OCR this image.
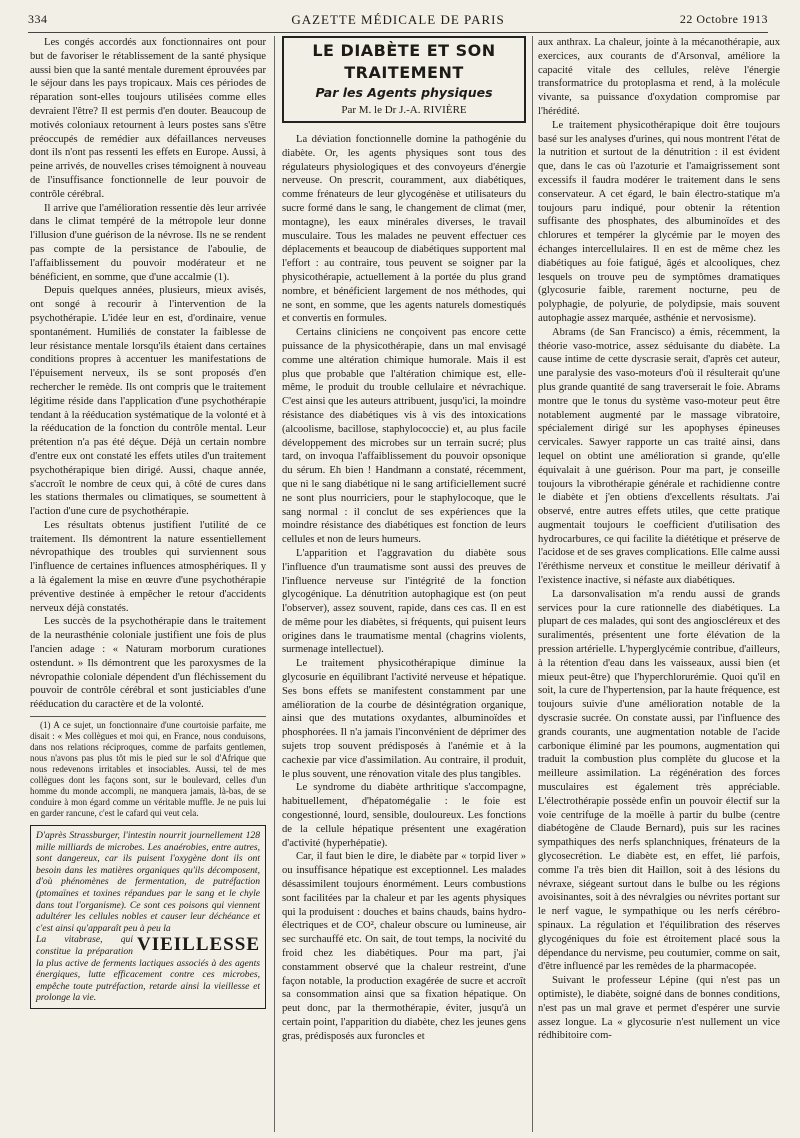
334	GAZETTE MÉDICALE DE PARIS	22 Octobre 1913

Les congés accordés aux fonctionnaires ont pour but de favoriser le rétablissement de la santé physique aussi bien que la santé mentale durement éprouvées par le séjour dans les pays tropicaux. Mais ces périodes de réparation sont-elles toujours utilisées comme elles devraient l'être? Il est permis d'en douter. Beaucoup de motivés coloniaux retournent à leurs postes sans s'être préoccupés de remédier aux défaillances nerveuses dont ils n'ont pas ressenti les effets en Europe. Aussi, à peine arrivés, de nouvelles crises témoignent à nouveau de l'insuffisance fonctionnelle de leur pouvoir de contrôle cérébral.

Il arrive que l'amélioration ressentie dès leur arrivée dans le climat tempéré de la métropole leur donne l'illusion d'une guérison de la névrose. Ils ne se rendent pas compte de la persistance de l'aboulie, de l'affaiblissement du pouvoir modérateur et ne bénéficient, en somme, que d'une accalmie (1).

Depuis quelques années, plusieurs, mieux avisés, ont songé à recourir à l'intervention de la psychothérapie. L'idée leur en est, d'ordinaire, venue spontanément. Humiliés de constater la faiblesse de leur résistance mentale lorsqu'ils étaient dans certaines conditions propres à accentuer les manifestations de l'épuisement nerveux, ils se sont proposés d'en rechercher le remède. Ils ont compris que le traitement légitime réside dans l'application d'une psychothérapie tendant à la rééducation systématique de la volonté et à la rééducation de la fonction du contrôle mental. Leur prétention n'a pas été déçue. Déjà un certain nombre d'entre eux ont constaté les effets utiles d'un traitement psychothérapique bien dirigé. Aussi, chaque année, s'accroît le nombre de ceux qui, à côté de cures dans les stations thermales ou climatiques, se soumettent à l'action d'une cure de psychothérapie.

Les résultats obtenus justifient l'utilité de ce traitement. Ils démontrent la nature essentiellement névropathique des troubles qui surviennent sous l'influence de certaines influences atmosphériques. Il y a là également la mise en œuvre d'une psychothérapie préventive destinée à empêcher le retour d'accidents nerveux déjà constatés.

Les succès de la psychothérapie dans le traitement de la neurasthénie coloniale justifient une fois de plus l'ancien adage : « Naturam morborum curationes ostendunt. » Ils démontrent que les paroxysmes de la névropathie coloniale dépendent d'un fléchissement du pouvoir de contrôle cérébral et sont justiciables d'une rééducation du caractère et de la volonté.

(1) A ce sujet, un fonctionnaire d'une courtoisie parfaite, me disait : « Mes collègues et moi qui, en France, nous conduisons, dans nos relations réciproques, comme de parfaits gentlemen, nous n'avons pas plus tôt mis le pied sur le sol d'Afrique que nous redevenons irritables et insociables. Aussi, tel de mes collègues dont les façons sont, sur le boulevard, celles d'un homme du monde accompli, ne manquera jamais, là-bas, de se conduire à mon égard comme un véritable muffle. Je ne puis lui en garder rancune, c'est le cafard qui veut cela.

D'après Strassburger, l'intestin nourrit journellement 128 mille milliards de microbes. Les anaérobies, entre autres, sont dangereux, car ils puisent l'oxygène dont ils ont besoin dans les matières organiques qu'ils décomposent, d'où phénomènes de fermentation, de putréfaction (ptomaïnes et toxines répandues par le sang et le chyle dans tout l'organisme). Ce sont ces poisons qui viennent adultérer les cellules nobles et causer leur déchéance et c'est ainsi qu'apparaît peu à peu la
VIEILLESSE

La vitabrase, qui constitue la préparation la plus active de ferments lactiques associés à des agents énergiques, lutte efficacement contre ces microbes, empêche toute putréfaction, retarde ainsi la vieillesse et prolonge la vie.

LE DIABÈTE ET SON TRAITEMENT
Par les Agents physiques
Par M. le Dr J.-A. RIVIÈRE

La déviation fonctionnelle domine la pathogénie du diabète. Or, les agents physiques sont tous des régulateurs physiologiques et des convoyeurs d'énergie nerveuse. On prescrit, couramment, aux diabétiques, comme frénateurs de leur glycogénèse et utilisateurs du sucre formé dans le sang, le changement de climat (mer, montagne), les eaux minérales diverses, le travail musculaire. Tous les malades ne peuvent effectuer ces déplacements et beaucoup de diabétiques supportent mal l'effort : au contraire, tous peuvent se soigner par la physicothérapie, actuellement à la portée du plus grand nombre, et bénéficient largement de nos méthodes, qui ne sont, en somme, que les agents naturels domestiqués et convertis en formules.

Certains cliniciens ne conçoivent pas encore cette puissance de la physicothérapie, dans un mal envisagé comme une altération chimique humorale. Mais il est plus que probable que l'altération chimique est, elle-même, le produit du trouble cellulaire et névrachique. C'est ainsi que les auteurs attribuent, jusqu'ici, la moindre résistance des diabétiques vis à vis des intoxications (alcoolisme, bacillose, staphylococcie) et, au plus facile développement des microbes sur un terrain sucré; plus tard, on invoqua l'affaiblissement du pouvoir opsonique du sérum. Eh bien ! Handmann a constaté, récemment, que ni le sang diabétique ni le sang artificiellement sucré ne sont plus nourriciers, pour le staphylocoque, que le sang normal : il conclut de ses expériences que la moindre résistance des diabétiques est fonction de leurs cellules et non de leurs humeurs.

L'apparition et l'aggravation du diabète sous l'influence d'un traumatisme sont aussi des preuves de l'influence nerveuse sur l'intégrité de la fonction glycogénique. La dénutrition autophagique est (on peut l'observer), assez souvent, rapide, dans ces cas. Il en est de même pour les diabètes, si fréquents, qui puisent leurs origines dans le traumatisme mental (chagrins violents, surmenage intellectuel).

Le traitement physicothérapique diminue la glycosurie en équilibrant l'activité nerveuse et hépatique. Ses bons effets se manifestent constamment par une amélioration de la courbe de désintégration organique, ainsi que des mutations oxydantes, albuminoïdes et phosphorées. Il n'a jamais l'inconvénient de déprimer des sujets trop souvent prédisposés à l'anémie et à la cachexie par vice d'assimilation. Au contraire, il produit, le plus souvent, une rénovation vitale des plus tangibles.

Le syndrome du diabète arthritique s'accompagne, habituellement, d'hépatomégalie : le foie est congestionné, lourd, sensible, douloureux. Les fonctions de la cellule hépatique présentent une exagération d'activité (hyperhépatie).

Car, il faut bien le dire, le diabète par « torpid liver » ou insuffisance hépatique est exceptionnel. Les malades désassimilent toujours énormément. Leurs combustions sont facilitées par la chaleur et par les agents physiques qui la produisent : douches et bains chauds, bains hydro-électriques et de CO², chaleur obscure ou lumineuse, air sec surchauffé etc. On sait, de tout temps, la nocivité du froid chez les diabétiques. Pour ma part, j'ai constamment observé que la chaleur restreint, d'une façon notable, la production exagérée de sucre et accroît sa consommation ainsi que sa fixation hépatique. On peut donc, par la thermothérapie, éviter, jusqu'à un certain point, l'apparition du diabète, chez les jeunes gens gras, prédisposés aux furoncles et

aux anthrax. La chaleur, jointe à la mécanothérapie, aux exercices, aux courants de d'Arsonval, améliore la capacité vitale des cellules, relève l'énergie transformatrice du protoplasma et rend, à la molécule vivante, sa puissance d'oxydation compromise par l'hérédité.

Le traitement physicothérapique doit être toujours basé sur les analyses d'urines, qui nous montrent l'état de la nutrition et surtout de la dénutrition : il est évident que, dans le cas où l'azoturie et l'amaigrissement sont excessifs il faudra modérer le traitement dans le sens conservateur. A cet égard, le bain électro-statique m'a toujours paru indiqué, pour obtenir la rétention suffisante des phosphates, des albuminoïdes et des chlorures et tempérer la glycémie par le moyen des échanges intercellulaires. Il en est de même chez les diabétiques au foie fatigué, âgés et alcooliques, chez lesquels on trouve peu de symptômes dramatiques (glycosurie faible, rarement nocturne, peu de polyphagie, de polyurie, de polydipsie, mais souvent autophagie assez marquée, asthénie et nervosisme).

Abrams (de San Francisco) a émis, récemment, la théorie vaso-motrice, assez séduisante du diabète. La cause intime de cette dyscrasie serait, d'après cet auteur, une paralysie des vaso-moteurs d'où il résulterait qu'une plus grande quantité de sang traverserait le foie. Abrams montre que le tonus du système vaso-moteur peut être notablement augmenté par le massage vibratoire, spécialement dirigé sur les apophyses épineuses cervicales. Sawyer rapporte un cas traité ainsi, dans lequel on obtint une amélioration si grande, qu'elle équivalait à une guérison. Pour ma part, je conseille toujours la vibrothérapie générale et rachidienne contre le diabète et j'en obtiens d'excellents résultats. J'ai observé, entre autres effets utiles, que cette pratique augmentait toujours le coefficient d'utilisation des hydrocarbures, ce qui facilite la diététique et préserve de l'acidose et de ses graves complications. Elle calme aussi l'éréthisme nerveux et constitue le meilleur dérivatif à l'existence inactive, si néfaste aux diabétiques.

La darsonvalisation m'a rendu aussi de grands services pour la cure rationnelle des diabétiques. La plupart de ces malades, qui sont des angioscléreux et des suralimentés, présentent une forte élévation de la pression artérielle. L'hyperglycémie contribue, d'ailleurs, à la rétention d'eau dans les vaisseaux, aussi bien (et mieux peut-être) que l'hyperchlorurémie. Quoi qu'il en soit, la cure de l'hypertension, par la haute fréquence, est toujours suivie d'une amélioration notable de la dyscrasie sucrée. On constate aussi, par l'influence des grands courants, une augmentation notable de l'acide carbonique éliminé par les poumons, augmentation qui traduit la combustion plus complète du glucose et la meilleure assimilation. La régénération des forces musculaires est également très appréciable. L'électrothérapie possède enfin un pouvoir électif sur la voie centrifuge de la moëlle à partir du bulbe (centre diabétogène de Claude Bernard), puis sur les racines sympathiques des nerfs splanchniques, frénateurs de la glycosecrétion. Le diabète est, en effet, lié parfois, comme l'a très bien dit Haillon, soit à des lésions du névraxe, siégeant surtout dans le bulbe ou les régions avoisinantes, soit à des névralgies ou névrites portant sur le nerf vague, le sympathique ou les nerfs cérébro-spinaux. La régulation et l'équilibration des réserves glycogéniques du foie est étroitement placé sous la dépendance du nervisme, peu coutumier, comme on sait, d'être influencé par les remèdes de la pharmacopée.

Suivant le professeur Lépine (qui n'est pas un optimiste), le diabète, soigné dans de bonnes conditions, n'est pas un mal grave et permet d'espérer une survie assez longue. La « glycosurie n'est nullement un vice rédhibitoire com-
